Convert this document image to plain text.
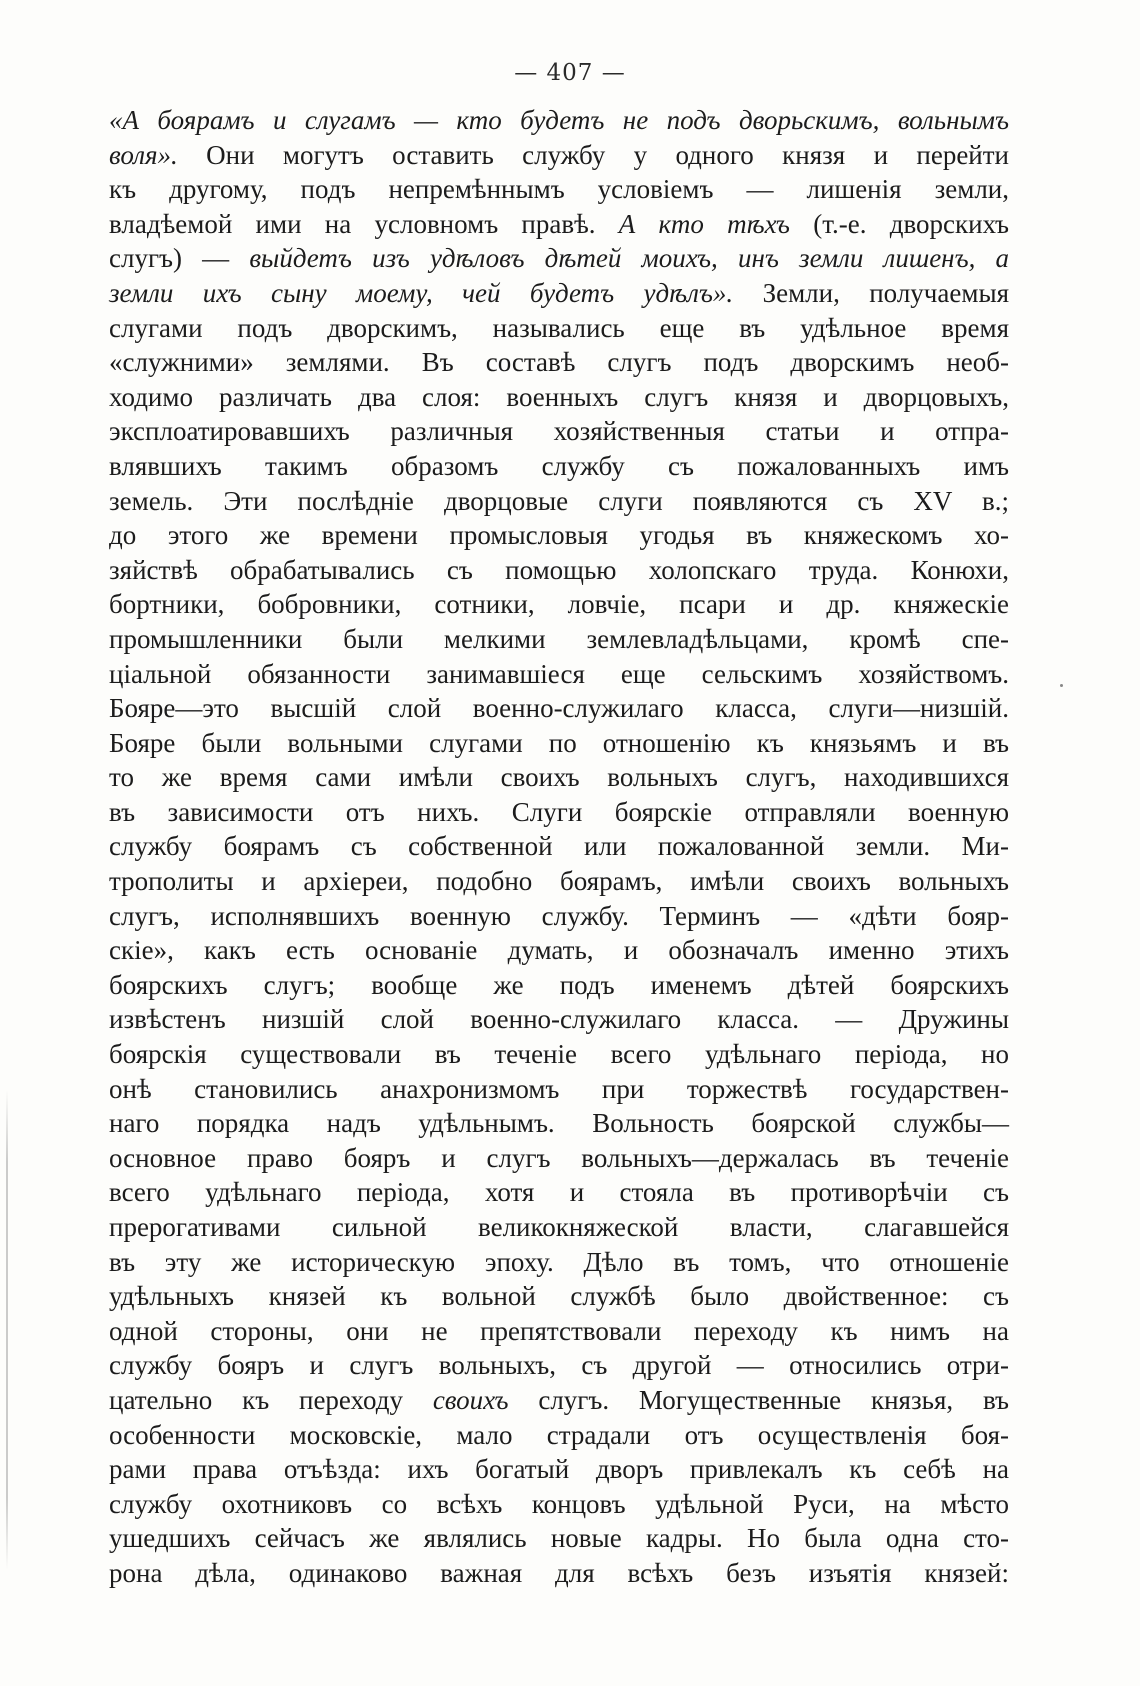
— 407 —
«А боярамъ и слугамъ — кто будетъ не подъ дворьскимъ, вольнымъ
воля». Они могутъ оставить службу у одного князя и перейти
къ другому, подъ непремѣннымъ условіемъ — лишенія земли,
владѣемой ими на условномъ правѣ. А кто тѣхъ (т.-е. дворскихъ
слугъ) — выйдетъ изъ удѣловъ дѣтей моихъ, инъ земли лишенъ, а
земли ихъ сыну моему, чей будетъ удѣлъ». Земли, получаемыя
слугами подъ дворскимъ, назывались еще въ удѣльное время
«служними» землями. Въ составѣ слугъ подъ дворскимъ необ-
ходимо различать два слоя: военныхъ слугъ князя и дворцовыхъ,
эксплоатировавшихъ различныя хозяйственныя статьи и отпра-
влявшихъ такимъ образомъ службу съ пожалованныхъ имъ
земель. Эти послѣдніе дворцовые слуги появляются съ XV в.;
до этого же времени промысловыя угодья въ княжескомъ хо-
зяйствѣ обрабатывались съ помощью холопскаго труда. Конюхи,
бортники, бобровники, сотники, ловчіе, псари и др. княжескіе
промышленники были мелкими землевладѣльцами, кромѣ спе-
ціальной обязанности занимавшіеся еще сельскимъ хозяйствомъ.
Бояре—это высшій слой военно-служилаго класса, слуги—низшій.
Бояре были вольными слугами по отношенію къ князьямъ и въ
то же время сами имѣли своихъ вольныхъ слугъ, находившихся
въ зависимости отъ нихъ. Слуги боярскіе отправляли военную
службу боярамъ съ собственной или пожалованной земли. Ми-
трополиты и архіереи, подобно боярамъ, имѣли своихъ вольныхъ
слугъ, исполнявшихъ военную службу. Терминъ — «дѣти бояр-
скіе», какъ есть основаніе думать, и обозначалъ именно этихъ
боярскихъ слугъ; вообще же подъ именемъ дѣтей боярскихъ
извѣстенъ низшій слой военно-служилаго класса. — Дружины
боярскія существовали въ теченіе всего удѣльнаго періода, но
онѣ становились анахронизмомъ при торжествѣ государствен-
наго порядка надъ удѣльнымъ. Вольность боярской службы—
основное право бояръ и слугъ вольныхъ—держалась въ теченіе
всего удѣльнаго періода, хотя и стояла въ противорѣчіи съ
прерогативами сильной великокняжеской власти, слагавшейся
въ эту же историческую эпоху. Дѣло въ томъ, что отношеніе
удѣльныхъ князей къ вольной службѣ было двойственное: съ
одной стороны, они не препятствовали переходу къ нимъ на
службу бояръ и слугъ вольныхъ, съ другой — относились отри-
цательно къ переходу своихъ слугъ. Могущественные князья, въ
особенности московскіе, мало страдали отъ осуществленія боя-
рами права отъѣзда: ихъ богатый дворъ привлекалъ къ себѣ на
службу охотниковъ со всѣхъ концовъ удѣльной Руси, на мѣсто
ушедшихъ сейчасъ же являлись новые кадры. Но была одна сто-
рона дѣла, одинаково важная для всѣхъ безъ изъятія князей:
